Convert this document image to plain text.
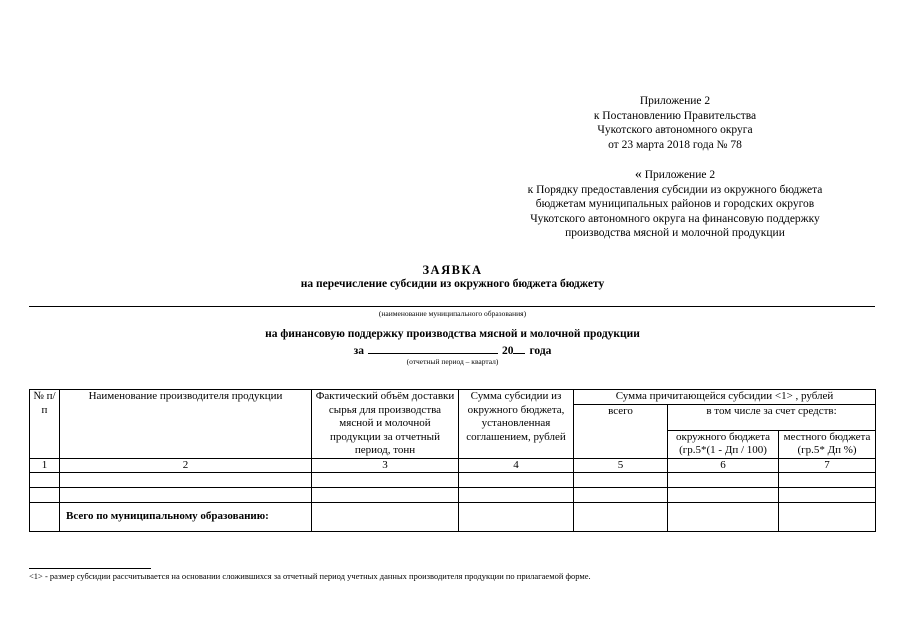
Приложение 2
к Постановлению Правительства
Чукотского автономного округа
от 23 марта 2018 года № 78
« Приложение 2
к Порядку предоставления субсидии из окружного бюджета
бюджетам муниципальных районов и городских округов
Чукотского автономного округа на финансовую поддержку
производства мясной и молочной продукции
ЗАЯВКА
на перечисление субсидии из окружного бюджета бюджету
(наименование муниципального образования)
на финансовую поддержку производства мясной и молочной продукции
за	20 года
(отчетный период – квартал)
№ п/п	Наименование производителя продукции	Фактический объём доставки сырья для производства мясной и молочной продукции за отчетный период, тонн	Сумма субсидии из окружного бюджета, установленная соглашением, рублей	Сумма причитающейся субсидии <1> , рублей		
				всего	в том числе за счет средств:	
					окружного бюджета (гр.5*(1 - Дп / 100)	местного бюджета (гр.5* Дп %)
1	2	3	4	5	6	7

	Всего по муниципальному образованию:					
<1> - размер субсидии рассчитывается на основании сложившихся за отчетный период учетных данных производителя продукции по прилагаемой форме.
